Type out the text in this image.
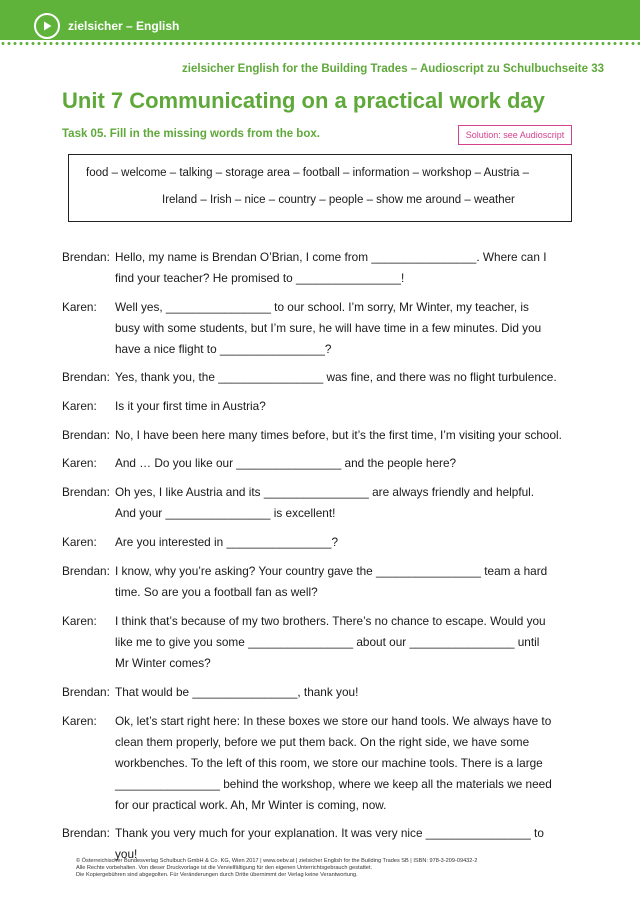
zielsicher – English
zielsicher English for the Building Trades – Audioscript zu Schulbuchseite 33
Unit 7 Communicating on a practical work day
Task 05. Fill in the missing words from the box.	Solution: see Audioscript
food – welcome – talking – storage area – football – information – workshop – Austria –
Ireland – Irish – nice – country – people – show me around – weather
Brendan: Hello, my name is Brendan O’Brian, I come from ________________. Where can I
find your teacher? He promised to ________________!
Karen:	Well yes, ________________ to our school. I’m sorry, Mr Winter, my teacher, is
busy with some students, but I’m sure, he will have time in a few minutes. Did you
have a nice flight to ________________?
Brendan: Yes, thank you, the ________________ was fine, and there was no flight turbulence.
Karen:	Is it your first time in Austria?
Brendan: No, I have been here many times before, but it’s the first time, I’m visiting your school.
Karen:	And … Do you like our ________________ and the people here?
Brendan: Oh yes, I like Austria and its ________________ are always friendly and helpful.
And your ________________ is excellent!
Karen:	Are you interested in ________________?
Brendan: I know, why you’re asking? Your country gave the ________________ team a hard
time. So are you a football fan as well?
Karen:	I think that’s because of my two brothers. There’s no chance to escape. Would you
like me to give you some ________________ about our ________________ until
Mr Winter comes?
Brendan: That would be ________________, thank you!
Karen:	Ok, let’s start right here: In these boxes we store our hand tools. We always have to
clean them properly, before we put them back. On the right side, we have some
workbenches. To the left of this room, we store our machine tools. There is a large
________________ behind the workshop, where we keep all the materials we need
for our practical work. Ah, Mr Winter is coming, now.
Brendan: Thank you very much for your explanation. It was very nice ________________ to
you!
© Österreichischer Bundesverlag Schulbuch GmbH & Co. KG, Wien 2017 | www.oebv.at | zielsicher English for the Building Trades SB | ISBN: 978-3-209-09432-2
Alle Rechte vorbehalten. Von dieser Druckvorlage ist die Vervielfältigung für den eigenen Unterrichtsgebrauch gestattet.
Die Kopiergebühren sind abgegolten. Für Veränderungen durch Dritte übernimmt der Verlag keine Verantwortung.
